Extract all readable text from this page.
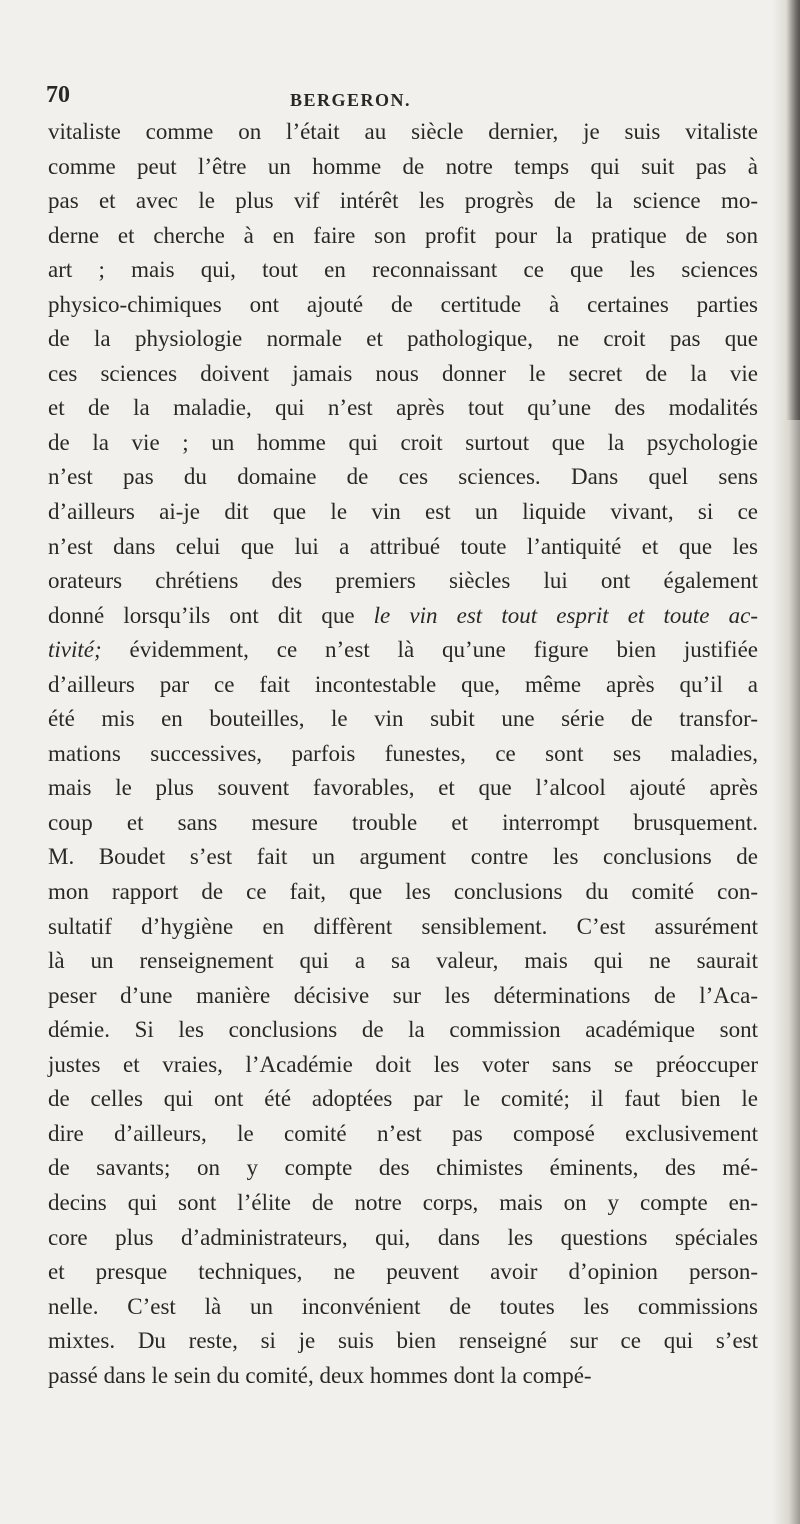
70	BERGERON.
vitaliste comme on l’était au siècle dernier, je suis vitaliste
comme peut l’être un homme de notre temps qui suit pas à
pas et avec le plus vif intérêt les progrès de la science mo-
derne et cherche à en faire son profit pour la pratique de son
art ; mais qui, tout en reconnaissant ce que les sciences
physico-chimiques ont ajouté de certitude à certaines parties
de la physiologie normale et pathologique, ne croit pas que
ces sciences doivent jamais nous donner le secret de la vie
et de la maladie, qui n’est après tout qu’une des modalités
de la vie ; un homme qui croit surtout que la psychologie
n’est pas du domaine de ces sciences. Dans quel sens
d’ailleurs ai-je dit que le vin est un liquide vivant, si ce
n’est dans celui que lui a attribué toute l’antiquité et que les
orateurs chrétiens des premiers siècles lui ont également
donné lorsqu’ils ont dit que le vin est tout esprit et toute ac-
tivité; évidemment, ce n’est là qu’une figure bien justifiée
d’ailleurs par ce fait incontestable que, même après qu’il a
été mis en bouteilles, le vin subit une série de transfor-
mations successives, parfois funestes, ce sont ses maladies,
mais le plus souvent favorables, et que l’alcool ajouté après
coup et sans mesure trouble et interrompt brusquement.
M. Boudet s’est fait un argument contre les conclusions de
mon rapport de ce fait, que les conclusions du comité con-
sultatif d’hygiène en diffèrent sensiblement. C’est assurément
là un renseignement qui a sa valeur, mais qui ne saurait
peser d’une manière décisive sur les déterminations de l’Aca-
démie. Si les conclusions de la commission académique sont
justes et vraies, l’Académie doit les voter sans se préoccuper
de celles qui ont été adoptées par le comité; il faut bien le
dire d’ailleurs, le comité n’est pas composé exclusivement
de savants; on y compte des chimistes éminents, des mé-
decins qui sont l’élite de notre corps, mais on y compte en-
core plus d’administrateurs, qui, dans les questions spéciales
et presque techniques, ne peuvent avoir d’opinion person-
nelle. C’est là un inconvénient de toutes les commissions
mixtes. Du reste, si je suis bien renseigné sur ce qui s’est
passé dans le sein du comité, deux hommes dont la compé-
